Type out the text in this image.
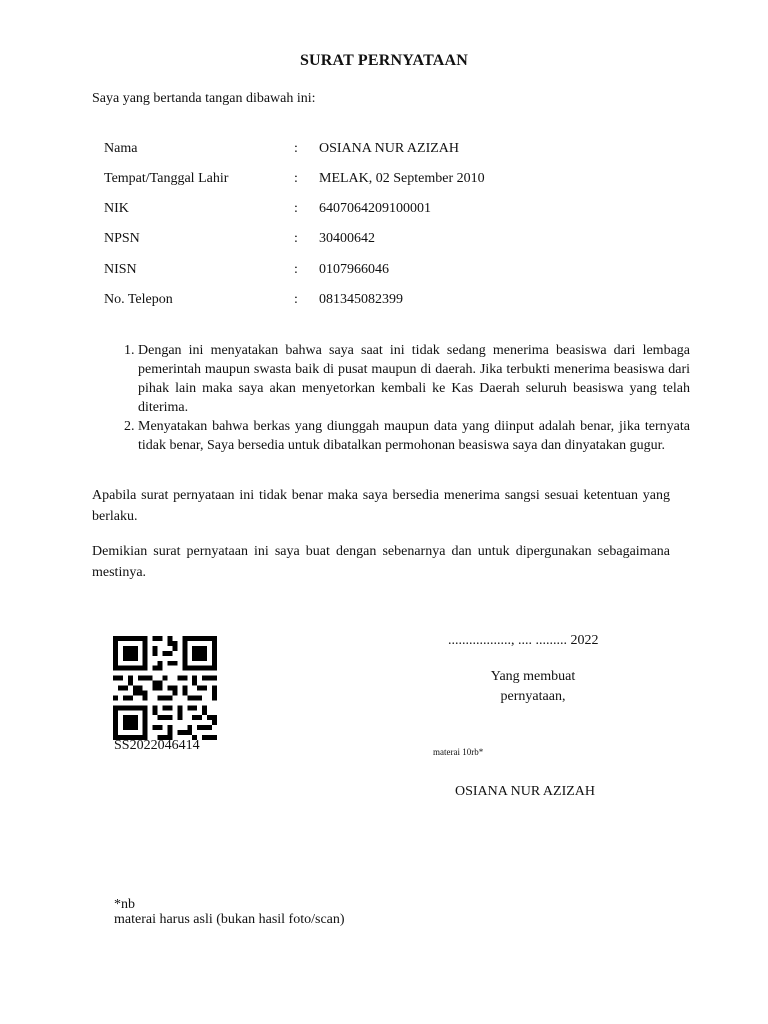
SURAT PERNYATAAN

Saya yang bertanda tangan dibawah ini:

Nama	: OSIANA NUR AZIZAH
Tempat/Tanggal Lahir	: MELAK, 02 September 2010
NIK	: 6407064209100001
NPSN	: 30400642
NISN	: 0107966046
No. Telepon	: 081345082399
1. Dengan ini menyatakan bahwa saya saat ini tidak sedang menerima beasiswa dari lembaga pemerintah maupun swasta baik di pusat maupun di daerah. Jika terbukti menerima beasiswa dari pihak lain maka saya akan menyetorkan kembali ke Kas Daerah seluruh beasiswa yang telah diterima.
2. Menyatakan bahwa berkas yang diunggah maupun data yang diinput adalah benar, jika ternyata tidak benar, Saya bersedia untuk dibatalkan permohonan beasiswa saya dan dinyatakan gugur.

Apabila surat pernyataan ini tidak benar maka saya bersedia menerima sangsi sesuai ketentuan yang berlaku.

Demikian surat pernyataan ini saya buat dengan sebenarnya dan untuk dipergunakan sebagaimana mestinya.

SS2022046414
.................., .... ......... 2022
Yang membuat
pernyataan,
materai 10rb*
OSIANA NUR AZIZAH
*nb
materai harus asli (bukan hasil foto/scan)
